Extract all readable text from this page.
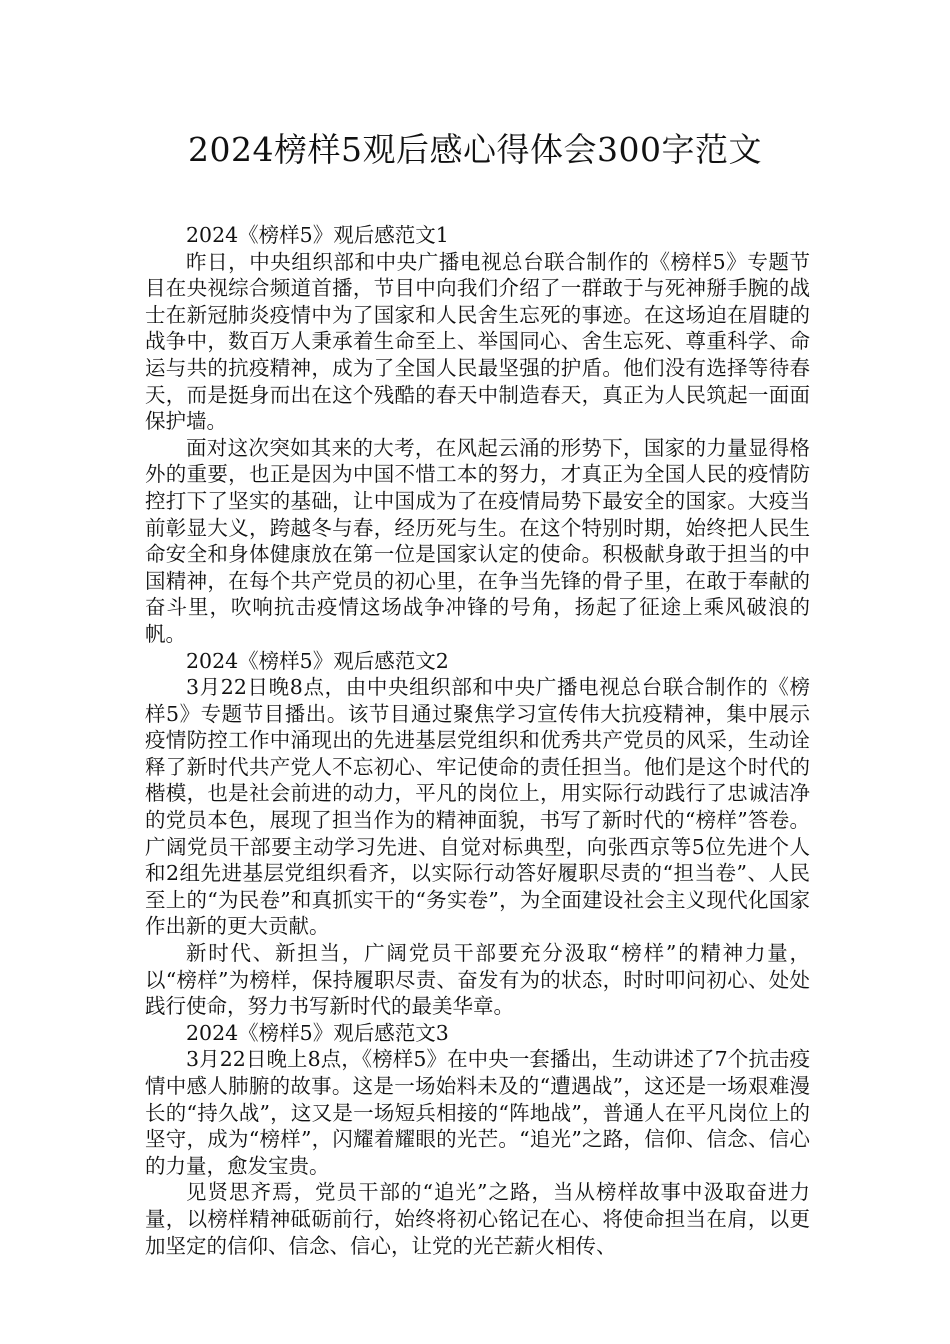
2024榜样5观后感心得体会300字范文

2024《榜样5》观后感范文1

昨日，中央组织部和中央广播电视总台联合制作的《榜样5》专题节目在央视综合频道首播，节目中向我们介绍了一群敢于与死神掰手腕的战士在新冠肺炎疫情中为了国家和人民舍生忘死的事迹。在这场迫在眉睫的战争中，数百万人秉承着生命至上、举国同心、舍生忘死、尊重科学、命运与共的抗疫精神，成为了全国人民最坚强的护盾。他们没有选择等待春天，而是挺身而出在这个残酷的春天中制造春天，真正为人民筑起一面面保护墙。

面对这次突如其来的大考，在风起云涌的形势下，国家的力量显得格外的重要，也正是因为中国不惜工本的努力，才真正为全国人民的疫情防控打下了坚实的基础，让中国成为了在疫情局势下最安全的国家。大疫当前彰显大义，跨越冬与春，经历死与生。在这个特别时期，始终把人民生命安全和身体健康放在第一位是国家认定的使命。积极献身敢于担当的中国精神，在每个共产党员的初心里，在争当先锋的骨子里，在敢于奉献的奋斗里，吹响抗击疫情这场战争冲锋的号角，扬起了征途上乘风破浪的帆。

2024《榜样5》观后感范文2

3月22日晚8点，由中央组织部和中央广播电视总台联合制作的《榜样5》专题节目播出。该节目通过聚焦学习宣传伟大抗疫精神，集中展示疫情防控工作中涌现出的先进基层党组织和优秀共产党员的风采，生动诠释了新时代共产党人不忘初心、牢记使命的责任担当。他们是这个时代的楷模，也是社会前进的动力，平凡的岗位上，用实际行动践行了忠诚洁净的党员本色，展现了担当作为的精神面貌，书写了新时代的“榜样”答卷。广阔党员干部要主动学习先进、自觉对标典型，向张西京等5位先进个人和2组先进基层党组织看齐，以实际行动答好履职尽责的“担当卷”、人民至上的“为民卷”和真抓实干的“务实卷”，为全面建设社会主义现代化国家作出新的更大贡献。

新时代、新担当，广阔党员干部要充分汲取“榜样”的精神力量，以“榜样”为榜样，保持履职尽责、奋发有为的状态，时时叩问初心、处处践行使命，努力书写新时代的最美华章。

2024《榜样5》观后感范文3

3月22日晚上8点，《榜样5》在中央一套播出，生动讲述了7个抗击疫情中感人肺腑的故事。这是一场始料未及的“遭遇战”，这还是一场艰难漫长的“持久战”，这又是一场短兵相接的“阵地战”，普通人在平凡岗位上的坚守，成为“榜样”，闪耀着耀眼的光芒。“追光”之路，信仰、信念、信心的力量，愈发宝贵。

见贤思齐焉，党员干部的“追光”之路，当从榜样故事中汲取奋进力量，以榜样精神砥砺前行，始终将初心铭记在心、将使命担当在肩，以更加坚定的信仰、信念、信心，让党的光芒薪火相传、
